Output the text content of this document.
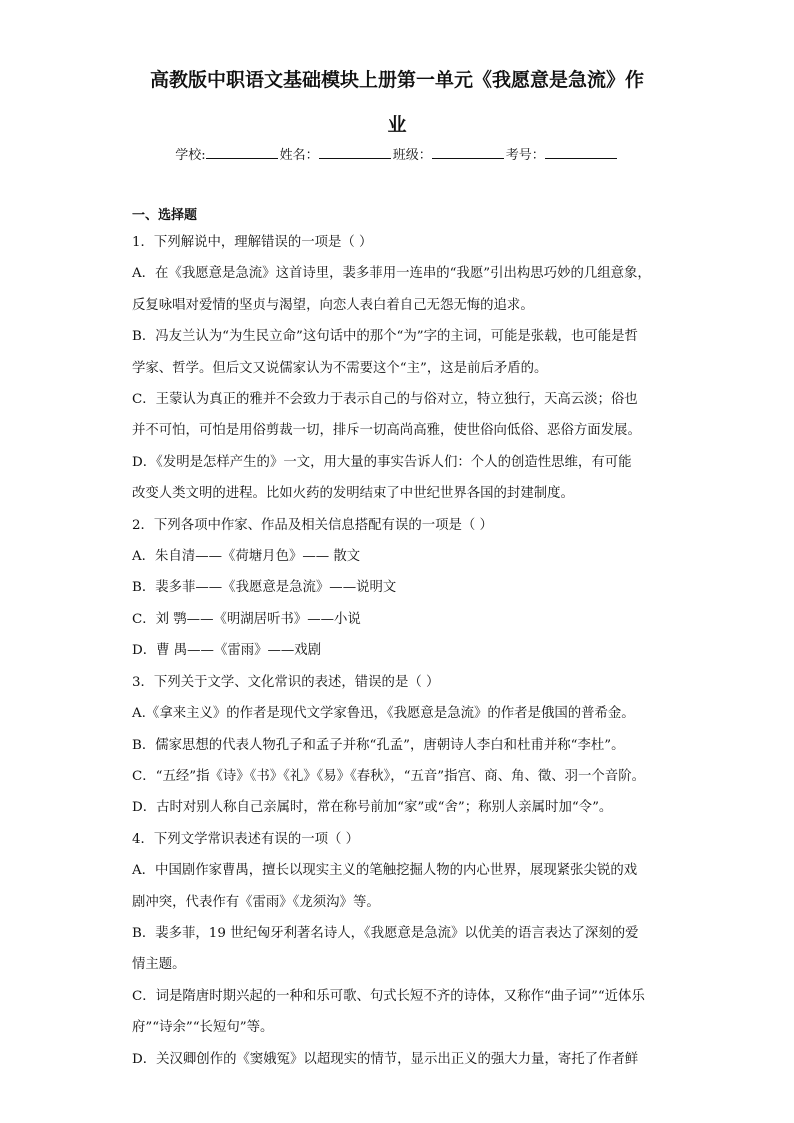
高教版中职语文基础模块上册第一单元《我愿意是急流》作
业
学校:	姓名：	班级：	考号：
一、选择题
1．下列解说中，理解错误的一项是（ ）
A．在《我愿意是急流》这首诗里，裴多菲用一连串的“我愿”引出构思巧妙的几组意象，
反复咏唱对爱情的坚贞与渴望，向恋人表白着自己无怨无悔的追求。
B．冯友兰认为“为生民立命”这句话中的那个“为”字的主词，可能是张载，也可能是哲
学家、哲学。但后文又说儒家认为不需要这个“主”，这是前后矛盾的。
C．王蒙认为真正的雅并不会致力于表示自己的与俗对立，特立独行，天高云淡；俗也
并不可怕，可怕是用俗剪裁一切，排斥一切高尚高雅，使世俗向低俗、恶俗方面发展。
D．《发明是怎样产生的》一文，用大量的事实告诉人们：个人的创造性思维，有可能
改变人类文明的进程。比如火药的发明结束了中世纪世界各国的封建制度。
2．下列各项中作家、作品及相关信息搭配有误的一项是（ ）
A．朱自清——《荷塘月色》—— 散文
B．裴多菲——《我愿意是急流》——说明文
C．刘 鹗——《明湖居听书》——小说
D．曹 禺——《雷雨》——戏剧
3．下列关于文学、文化常识的表述，错误的是（ ）
A.《拿来主义》的作者是现代文学家鲁迅，《我愿意是急流》的作者是俄国的普希金。
B．儒家思想的代表人物孔子和孟子并称“孔孟”，唐朝诗人李白和杜甫并称“李杜”。
C．“五经”指《诗》《书》《礼》《易》《春秋》，“五音”指宫、商、角、徵、羽一个音阶。
D．古时对别人称自己亲属时，常在称号前加“家”或“舍”；称别人亲属时加“令”。
4．下列文学常识表述有误的一项（ ）
A．中国剧作家曹禺，擅长以现实主义的笔触挖掘人物的内心世界，展现紧张尖锐的戏
剧冲突，代表作有《雷雨》《龙须沟》等。
B．裴多菲，19 世纪匈牙利著名诗人，《我愿意是急流》以优美的语言表达了深刻的爱
情主题。
C．词是隋唐时期兴起的一种和乐可歌、句式长短不齐的诗体，又称作“曲子词”“近体乐
府”“诗余”“长短句”等。
D．关汉卿创作的《窦娥冤》以超现实的情节，显示出正义的强大力量，寄托了作者鲜
